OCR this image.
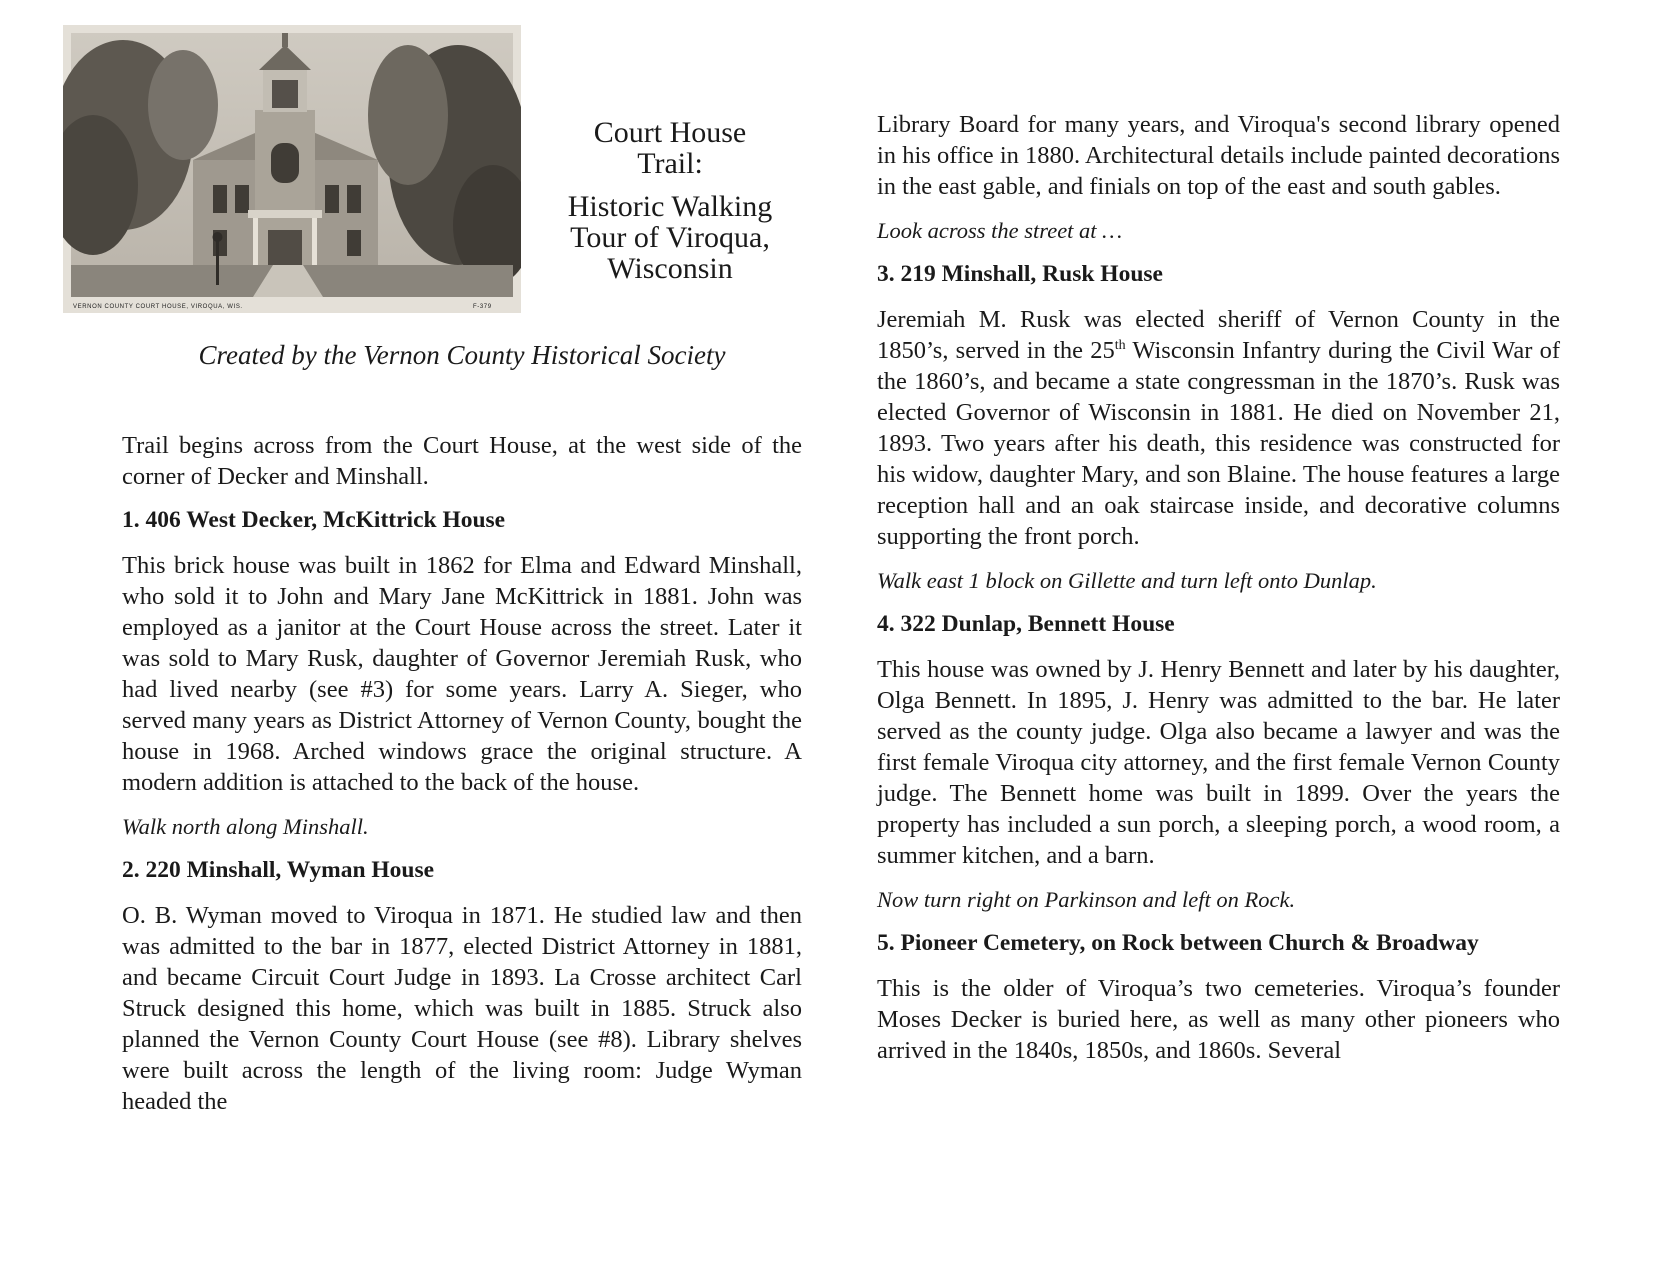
VERNON COUNTY COURT HOUSE, VIROQUA, WIS.	F-379
Court House
Trail:
Historic Walking
Tour of Viroqua,
Wisconsin
Created by the Vernon County Historical Society

Trail begins across from the Court House, at the west side of the corner of Decker and Minshall.

1. 406 West Decker, McKittrick House

This brick house was built in 1862 for Elma and Edward Minshall, who sold it to John and Mary Jane McKittrick in 1881. John was employed as a janitor at the Court House across the street. Later it was sold to Mary Rusk, daughter of Governor Jeremiah Rusk, who had lived nearby (see #3) for some years. Larry A. Sieger, who served many years as District Attorney of Vernon County, bought the house in 1968. Arched windows grace the original structure. A modern addition is attached to the back of the house.

Walk north along Minshall.

2. 220 Minshall, Wyman House

O. B. Wyman moved to Viroqua in 1871. He studied law and then was admitted to the bar in 1877, elected District Attorney in 1881, and became Circuit Court Judge in 1893. La Crosse architect Carl Struck designed this home, which was built in 1885. Struck also planned the Vernon County Court House (see #8). Library shelves were built across the length of the living room: Judge Wyman headed the

Library Board for many years, and Viroqua's second library opened in his office in 1880. Architectural details include painted decorations in the east gable, and finials on top of the east and south gables.

Look across the street at …

3. 219 Minshall, Rusk House

Jeremiah M. Rusk was elected sheriff of Vernon County in the 1850’s, served in the 25th Wisconsin Infantry during the Civil War of the 1860’s, and became a state congressman in the 1870’s. Rusk was elected Governor of Wisconsin in 1881. He died on November 21, 1893. Two years after his death, this residence was constructed for his widow, daughter Mary, and son Blaine. The house features a large reception hall and an oak staircase inside, and decorative columns supporting the front porch.

Walk east 1 block on Gillette and turn left onto Dunlap.

4. 322 Dunlap, Bennett House

This house was owned by J. Henry Bennett and later by his daughter, Olga Bennett. In 1895, J. Henry was admitted to the bar. He later served as the county judge. Olga also became a lawyer and was the first female Viroqua city attorney, and the first female Vernon County judge. The Bennett home was built in 1899. Over the years the property has included a sun porch, a sleeping porch, a wood room, a summer kitchen, and a barn.

Now turn right on Parkinson and left on Rock.

5. Pioneer Cemetery, on Rock between Church & Broadway

This is the older of Viroqua’s two cemeteries. Viroqua’s founder Moses Decker is buried here, as well as many other pioneers who arrived in the 1840s, 1850s, and 1860s. Several
